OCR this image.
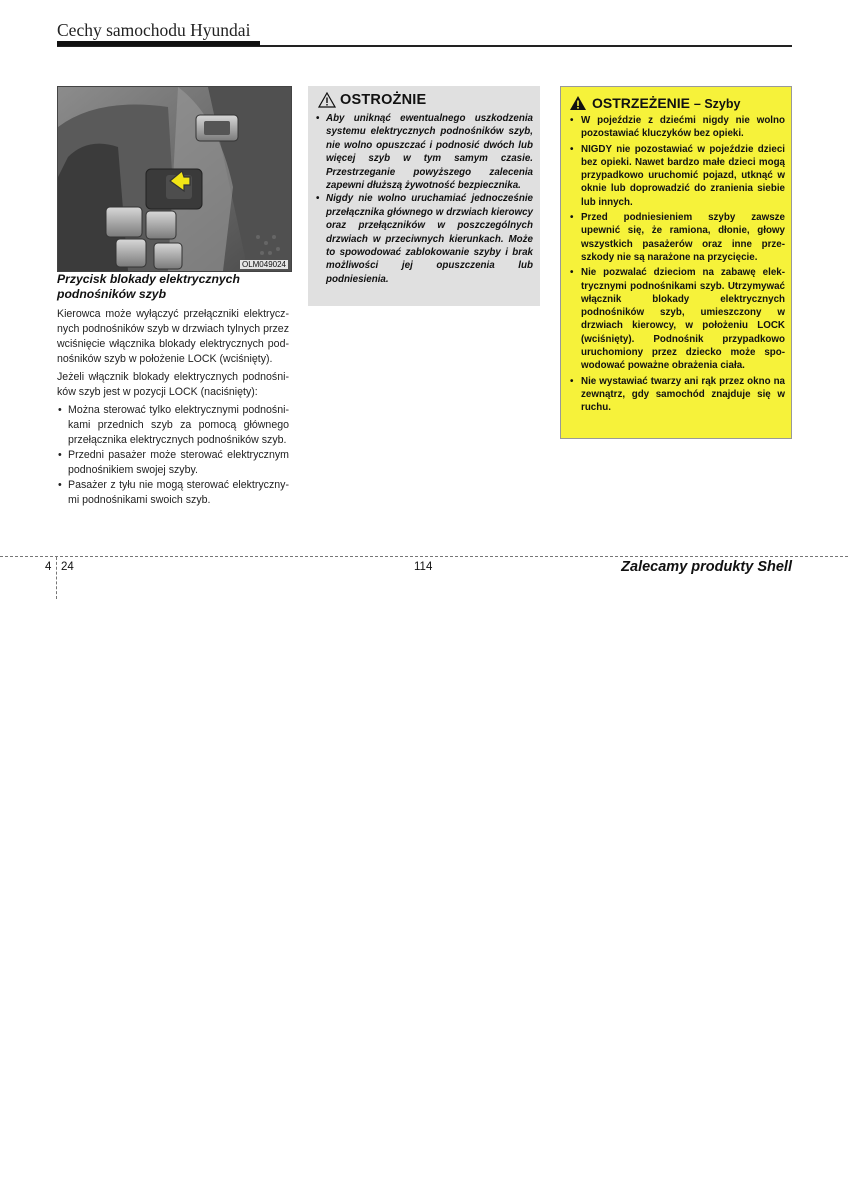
Cechy samochodu Hyundai
OLM049024
Przycisk blokady elektrycznych podnośników szyb
Kierowca może wyłączyć przełączniki elektrycznych podnośników szyb w drzwiach tylnych przez wciśnięcie włącznika blokady elektrycznych podnośników szyb w położenie LOCK (wciśnięty).
Jeżeli włącznik blokady elektrycznych podnośników szyb jest w pozycji LOCK (naciśnięty):
• Można sterować tylko elektrycznymi podnośnikami przednich szyb za pomocą głównego przełącznika elektrycznych podnośników szyb.
• Przedni pasażer może sterować elektrycznym podnośnikiem swojej szyby.
• Pasażer z tyłu nie mogą sterować elektrycznymi podnośnikami swoich szyb.
OSTROŻNIE
• Aby uniknąć ewentualnego uszkodzenia systemu elektrycznych podnośników szyb, nie wolno opuszczać i podnosić dwóch lub więcej szyb w tym samym czasie. Przestrzeganie powyższego zalecenia zapewni dłuższą żywotność bezpiecznika.
• Nigdy nie wolno uruchamiać jednocześnie przełącznika głównego w drzwiach kierowcy oraz przełączników w poszczególnych drzwiach w przeciwnych kierunkach. Może to spowodować zablokowanie szyby i brak możliwości jej opuszczenia lub podniesienia.
OSTRZEŻENIE – Szyby
• W pojeździe z dziećmi nigdy nie wolno pozostawiać kluczyków bez opieki.
• NIGDY nie pozostawiać w pojeździe dzieci bez opieki. Nawet bardzo małe dzieci mogą przypadkowo uruchomić pojazd, utknąć w oknie lub doprowadzić do zranienia siebie lub innych.
• Przed podniesieniem szyby zawsze upewnić się, że ramiona, dłonie, głowy wszystkich pasażerów oraz inne przeszkody nie są narażone na przycięcie.
• Nie pozwalać dzieciom na zabawę elektrycznymi podnośnikami szyb. Utrzymywać włącznik blokady elektrycznych podnośników szyb, umieszczony w drzwiach kierowcy, w położeniu LOCK (wciśnięty). Podnośnik przypadkowo uruchomiony przez dziecko może spowodować poważne obrażenia ciała.
• Nie wystawiać twarzy ani rąk przez okno na zewnątrz, gdy samochód znajduje się w ruchu.
4 24	114	Zalecamy produkty Shell
